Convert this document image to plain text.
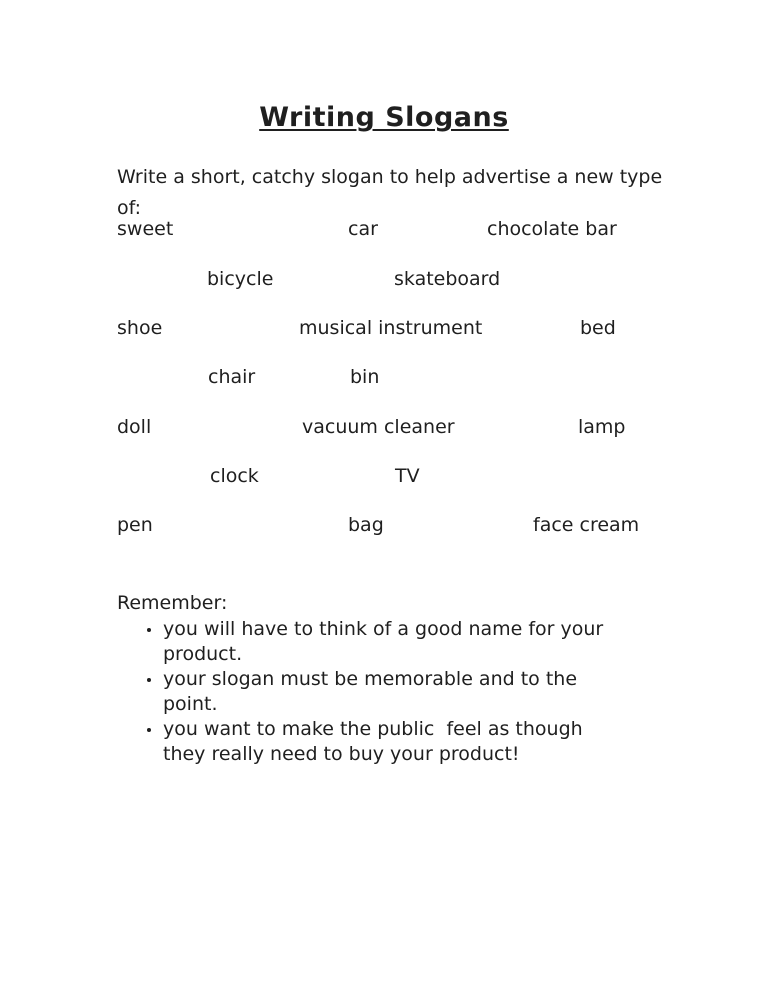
Writing Slogans

Write a short, catchy slogan to help advertise a new type of:

sweet	car	chocolate bar
bicycle	skateboard
shoe	musical instrument	bed
chair	bin
doll	vacuum cleaner	lamp
clock	TV
pen	bag	face cream
Remember:
you will have to think of a good name for your product.
your slogan must be memorable and to the point.
you want to make the public  feel as though they really need to buy your product!
